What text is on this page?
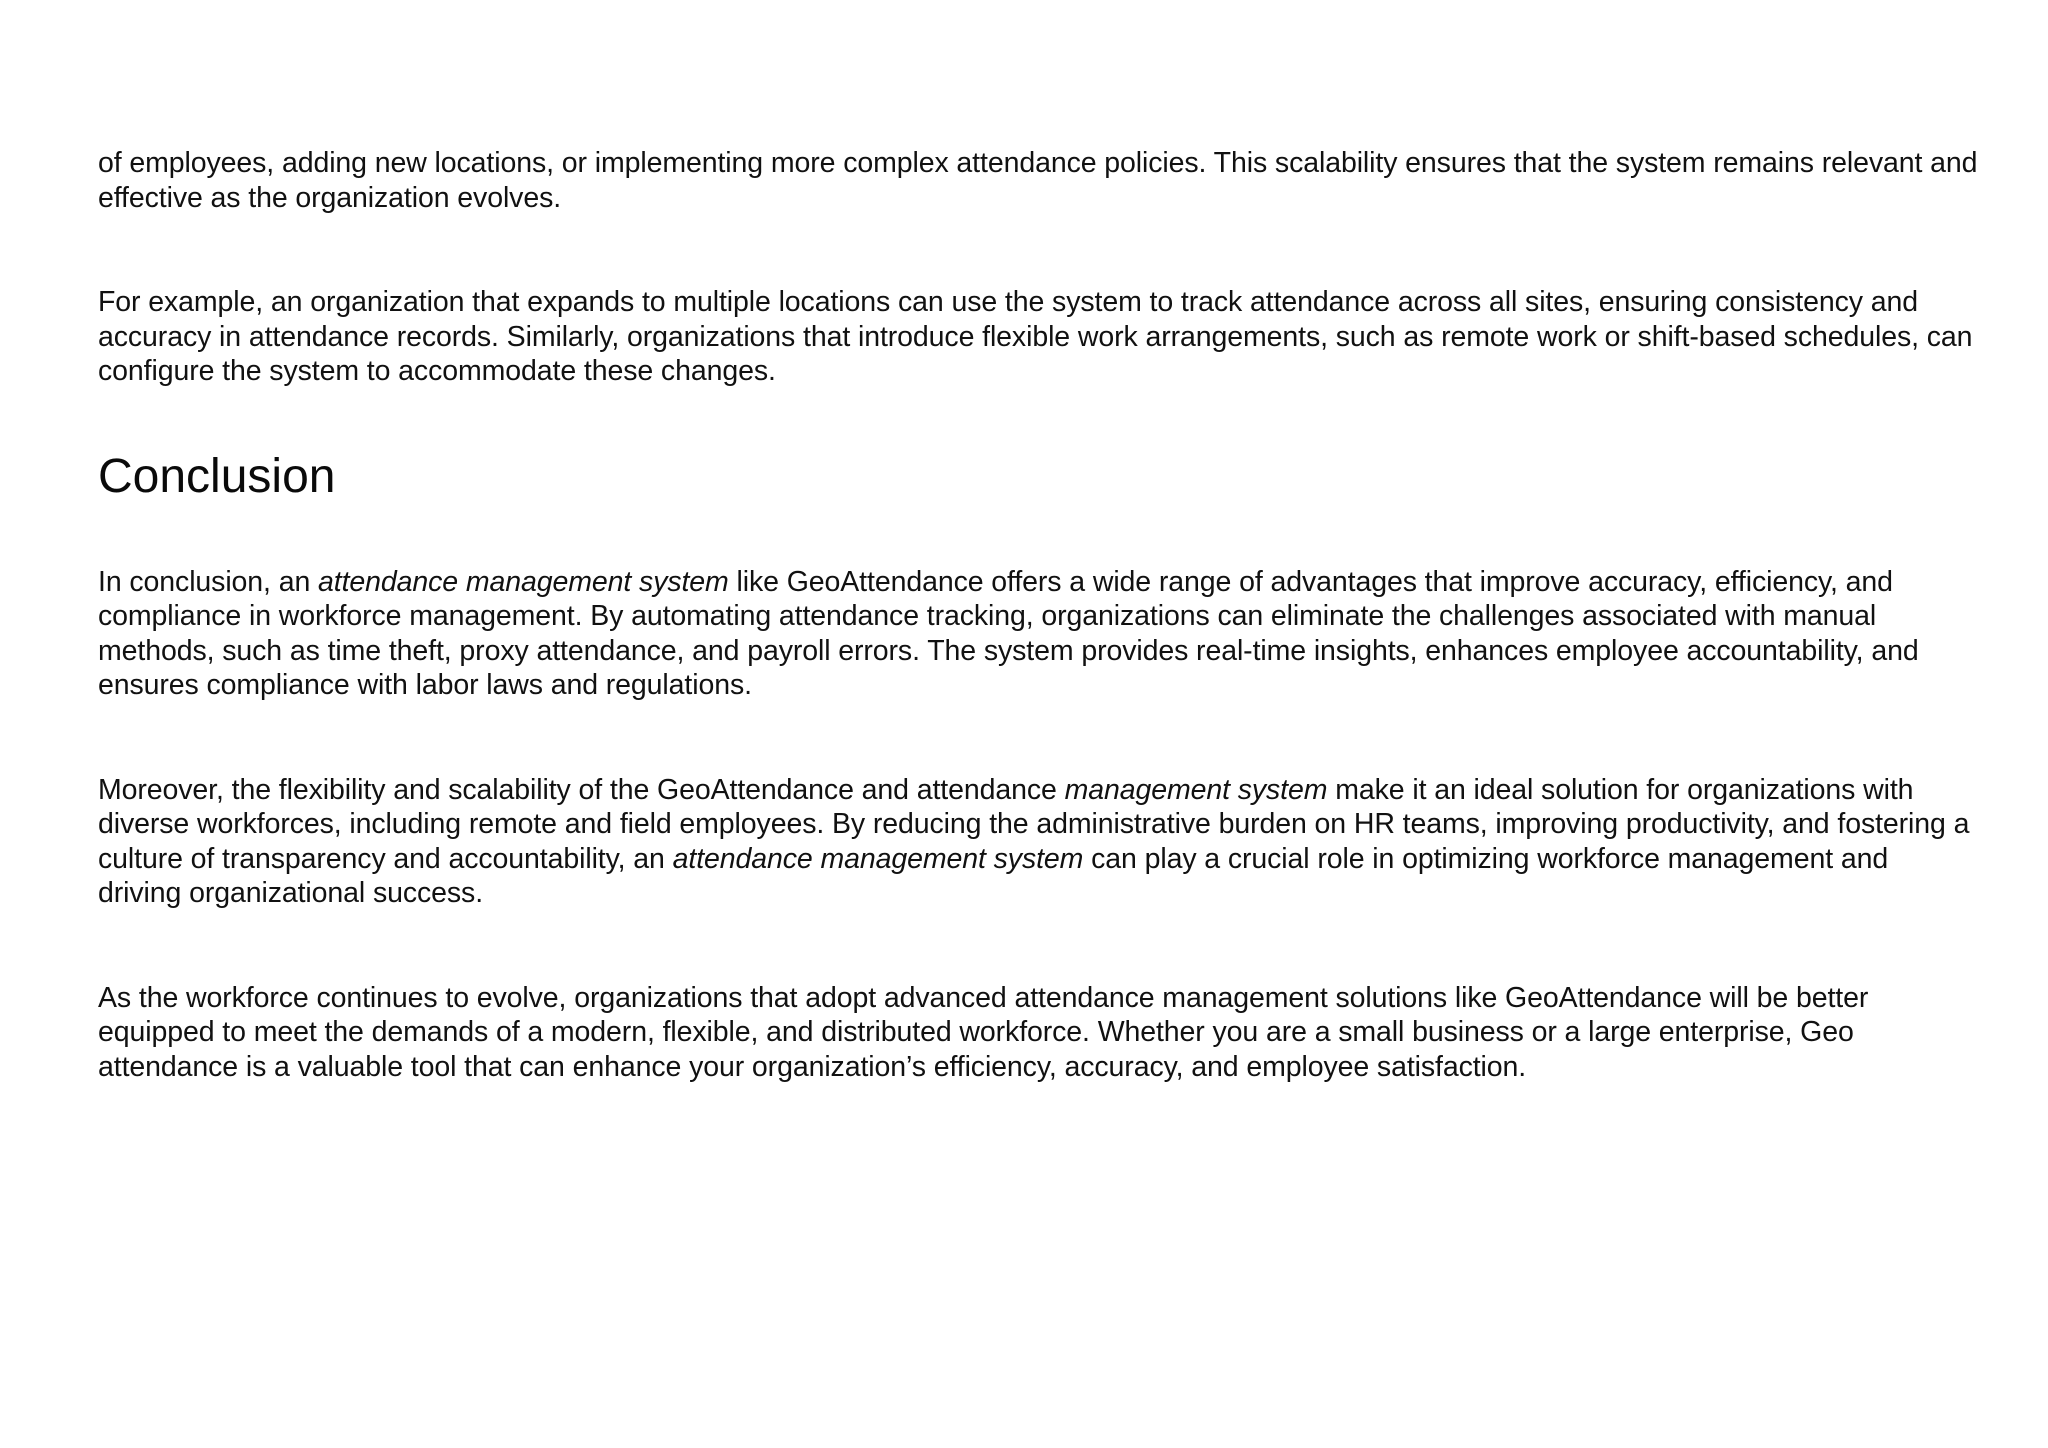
of employees, adding new locations, or implementing more complex attendance policies. This scalability ensures that the system remains relevant and effective as the organization evolves.

For example, an organization that expands to multiple locations can use the system to track attendance across all sites, ensuring consistency and accuracy in attendance records. Similarly, organizations that introduce flexible work arrangements, such as remote work or shift-based schedules, can configure the system to accommodate these changes.

Conclusion

In conclusion, an attendance management system like GeoAttendance offers a wide range of advantages that improve accuracy, efficiency, and compliance in workforce management. By automating attendance tracking, organizations can eliminate the challenges associated with manual methods, such as time theft, proxy attendance, and payroll errors. The system provides real-time insights, enhances employee accountability, and ensures compliance with labor laws and regulations.

Moreover, the flexibility and scalability of the GeoAttendance and attendance management system make it an ideal solution for organizations with diverse workforces, including remote and field employees. By reducing the administrative burden on HR teams, improving productivity, and fostering a culture of transparency and accountability, an attendance management system can play a crucial role in optimizing workforce management and driving organizational success.

As the workforce continues to evolve, organizations that adopt advanced attendance management solutions like GeoAttendance will be better equipped to meet the demands of a modern, flexible, and distributed workforce. Whether you are a small business or a large enterprise, Geo attendance is a valuable tool that can enhance your organization’s efficiency, accuracy, and employee satisfaction.
